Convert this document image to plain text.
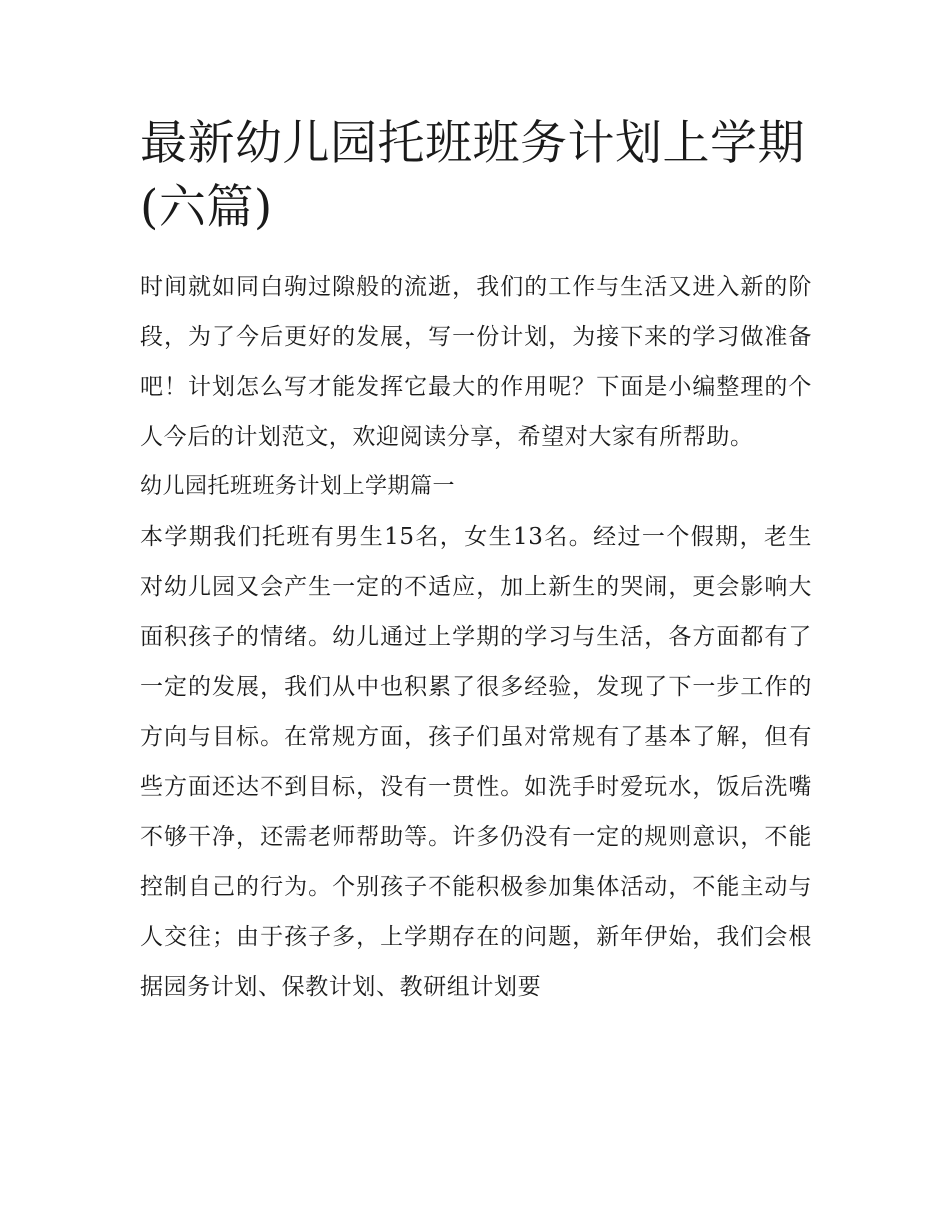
最新幼儿园托班班务计划上学期(六篇)

时间就如同白驹过隙般的流逝，我们的工作与生活又进入新的阶段，为了今后更好的发展，写一份计划，为接下来的学习做准备吧！计划怎么写才能发挥它最大的作用呢？下面是小编整理的个人今后的计划范文，欢迎阅读分享，希望对大家有所帮助。

幼儿园托班班务计划上学期篇一

本学期我们托班有男生15名，女生13名。经过一个假期，老生对幼儿园又会产生一定的不适应，加上新生的哭闹，更会影响大面积孩子的情绪。幼儿通过上学期的学习与生活，各方面都有了一定的发展，我们从中也积累了很多经验，发现了下一步工作的方向与目标。在常规方面，孩子们虽对常规有了基本了解，但有些方面还达不到目标，没有一贯性。如洗手时爱玩水，饭后洗嘴不够干净，还需老师帮助等。许多仍没有一定的规则意识，不能控制自己的行为。个别孩子不能积极参加集体活动，不能主动与人交往；由于孩子多，上学期存在的问题，新年伊始，我们会根据园务计划、保教计划、教研组计划要
